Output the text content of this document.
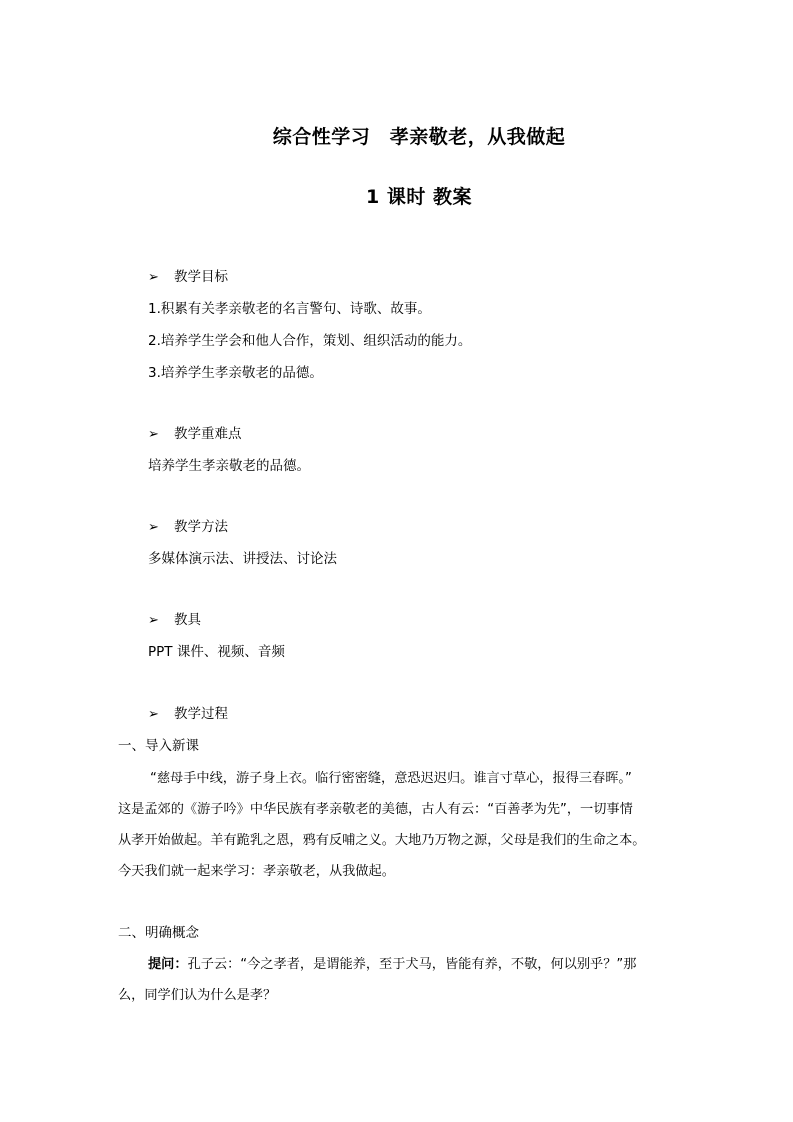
综合性学习　孝亲敬老，从我做起
1 课时 教案
➢ 教学目标
1.积累有关孝亲敬老的名言警句、诗歌、故事。
2.培养学生学会和他人合作，策划、组织活动的能力。
3.培养学生孝亲敬老的品德。
➢ 教学重难点
培养学生孝亲敬老的品德。
➢ 教学方法
多媒体演示法、讲授法、讨论法
➢ 教具
PPT 课件、视频、音频
➢ 教学过程
一、导入新课
“慈母手中线，游子身上衣。临行密密缝，意恐迟迟归。谁言寸草心，报得三春晖。”
这是孟郊的《游子吟》中华民族有孝亲敬老的美德，古人有云：“百善孝为先”，一切事情
从孝开始做起。羊有跪乳之恩，鸦有反哺之义。大地乃万物之源，父母是我们的生命之本。
今天我们就一起来学习：孝亲敬老，从我做起。
二、明确概念
提问：孔子云：“今之孝者，是谓能养，至于犬马，皆能有养，不敬，何以别乎？”那
么，同学们认为什么是孝？
